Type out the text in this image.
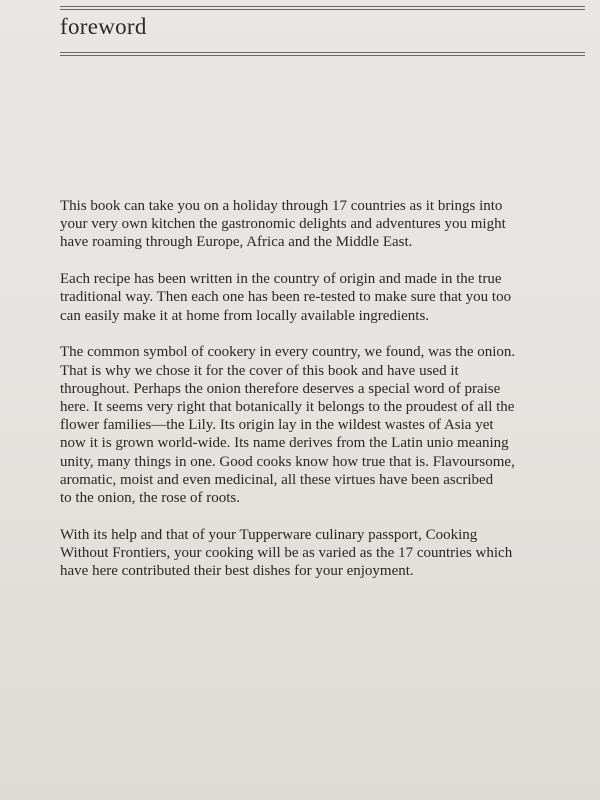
foreword
This book can take you on a holiday through 17 countries as it brings into
your very own kitchen the gastronomic delights and adventures you might
have roaming through Europe, Africa and the Middle East.
Each recipe has been written in the country of origin and made in the true
traditional way. Then each one has been re-tested to make sure that you too
can easily make it at home from locally available ingredients.
The common symbol of cookery in every country, we found, was the onion.
That is why we chose it for the cover of this book and have used it
throughout. Perhaps the onion therefore deserves a special word of praise
here. It seems very right that botanically it belongs to the proudest of all the
flower families—the Lily. Its origin lay in the wildest wastes of Asia yet
now it is grown world-wide. Its name derives from the Latin unio meaning
unity, many things in one. Good cooks know how true that is. Flavoursome,
aromatic, moist and even medicinal, all these virtues have been ascribed
to the onion, the rose of roots.
With its help and that of your Tupperware culinary passport, Cooking
Without Frontiers, your cooking will be as varied as the 17 countries which
have here contributed their best dishes for your enjoyment.
